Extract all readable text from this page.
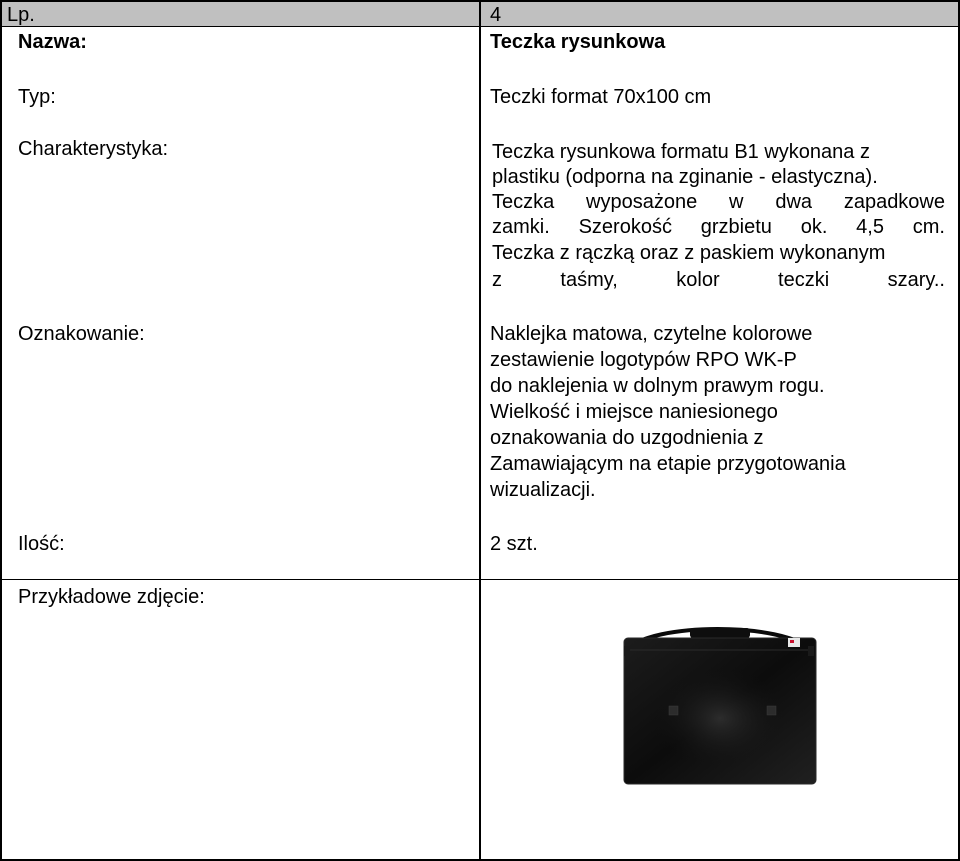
Lp.	4
Nazwa:	Teczka rysunkowa
Typ:	Teczki format 70x100 cm
Charakterystyka:	Teczka rysunkowa formatu B1 wykonana z
plastiku (odporna na zginanie - elastyczna).
Teczka wyposażone w dwa zapadkowe
zamki. Szerokość grzbietu ok. 4,5 cm.
Teczka z rączką oraz z paskiem wykonanym
z taśmy, kolor teczki szary..
Oznakowanie:	Naklejka matowa, czytelne kolorowe
zestawienie logotypów RPO WK-P
do naklejenia w dolnym prawym rogu.
Wielkość i miejsce naniesionego
oznakowania do uzgodnienia z
Zamawiającym na etapie przygotowania
wizualizacji.
Ilość:	2 szt.
Przykładowe zdjęcie:
